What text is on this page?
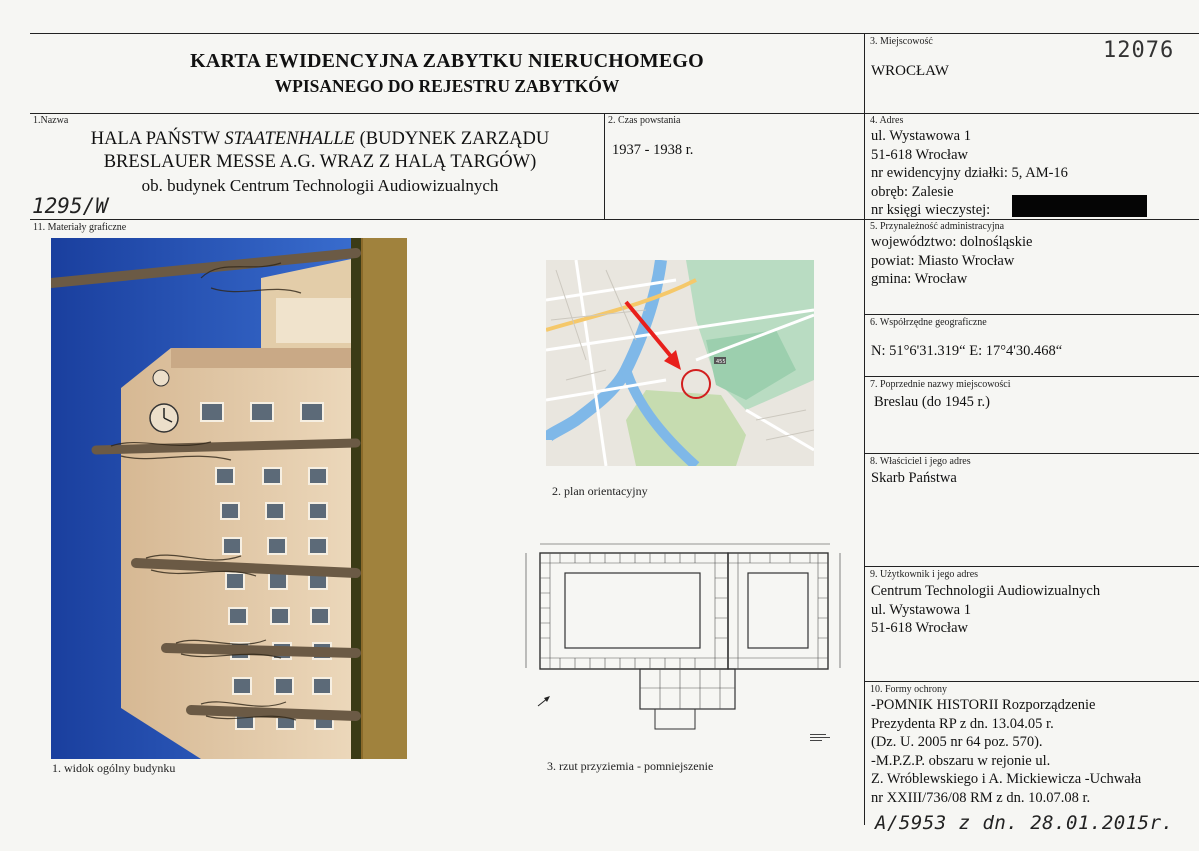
KARTA EWIDENCYJNA ZABYTKU NIERUCHOMEGO
WPISANEGO DO REJESTRU ZABYTKÓW
3. Miejscowość
WROCŁAW
12076
1.Nazwa
HALA PAŃSTW STAATENHALLE (BUDYNEK ZARZĄDU
BRESLAUER MESSE A.G. WRAZ Z HALĄ TARGÓW)
ob. budynek Centrum Technologii Audiowizualnych
1295/W
2. Czas powstania
1937 - 1938 r.
4. Adres
ul. Wystawowa 1
51-618 Wrocław
nr ewidencyjny działki: 5, AM-16
obręb: Zalesie
nr księgi wieczystej:
5. Przynależność administracyjna
województwo: dolnośląskie
powiat: Miasto Wrocław
gmina: Wrocław
6. Współrzędne geograficzne
N: 51°6'31.319“ E: 17°4'30.468“
7. Poprzednie nazwy miejscowości
Breslau (do 1945 r.)
8. Właściciel i jego adres
Skarb Państwa
9. Użytkownik i jego adres
Centrum Technologii Audiowizualnych
ul. Wystawowa 1
51-618 Wrocław
10. Formy ochrony
-POMNIK HISTORII Rozporządzenie
Prezydenta RP z dn. 13.04.05 r.
(Dz. U. 2005 nr 64 poz. 570).
-M.P.Z.P. obszaru w rejonie ul.
Z. Wróblewskiego i A. Mickiewicza -Uchwała
nr XXIII/736/08 RM z dn. 10.07.08 r.
A/5953 z dn. 28.01.2015r.
11. Materiały graficzne
1. widok ogólny budynku
455
2. plan orientacyjny
3. rzut przyziemia - pomniejszenie
